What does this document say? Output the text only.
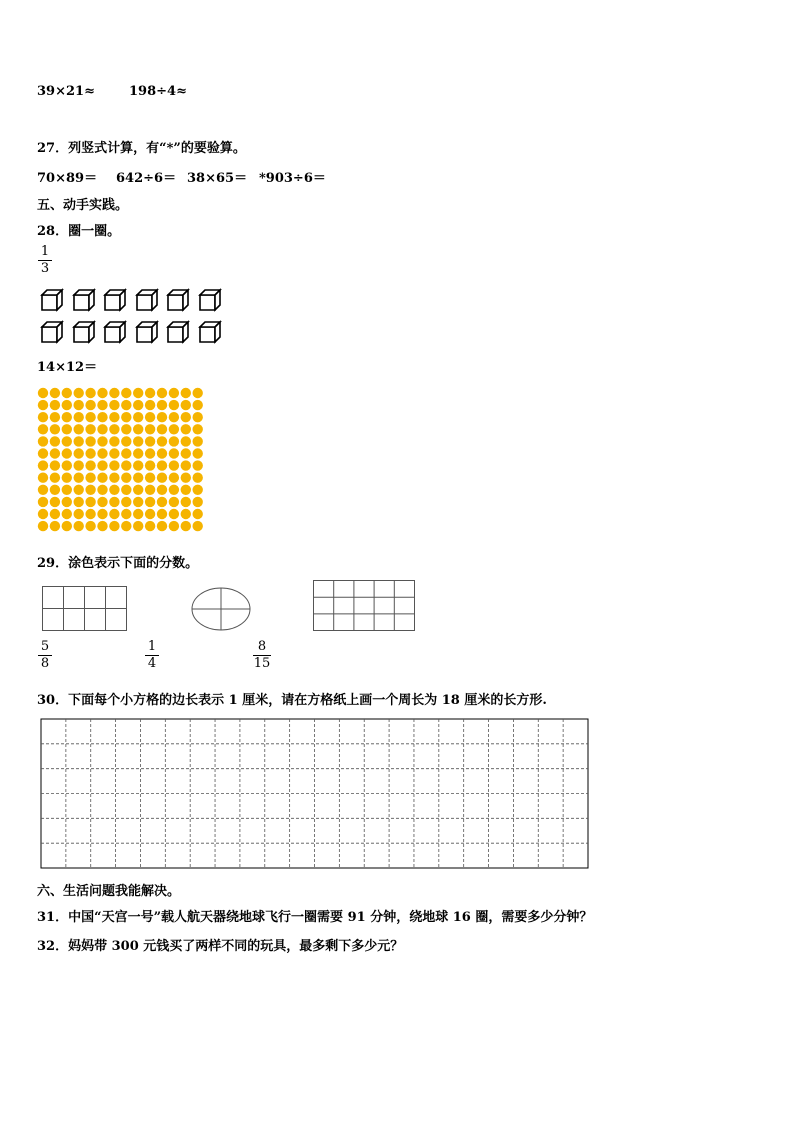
39×21≈	198÷4≈
27．列竖式计算，有“*”的要验算。
70×89＝ 642÷6＝ 38×65＝ *903÷6＝
五、动手实践。
28．圈一圈。
1
3
14×12＝
29．涂色表示下面的分数。
5
8
1
4
8
15
30．下面每个小方格的边长表示 1 厘米，请在方格纸上画一个周长为 18 厘米的长方形.
六、生活问题我能解决。
31．中国“天宫一号”载人航天器绕地球飞行一圈需要 91 分钟，绕地球 16 圈，需要多少分钟？
32．妈妈带 300 元钱买了两样不同的玩具，最多剩下多少元？
